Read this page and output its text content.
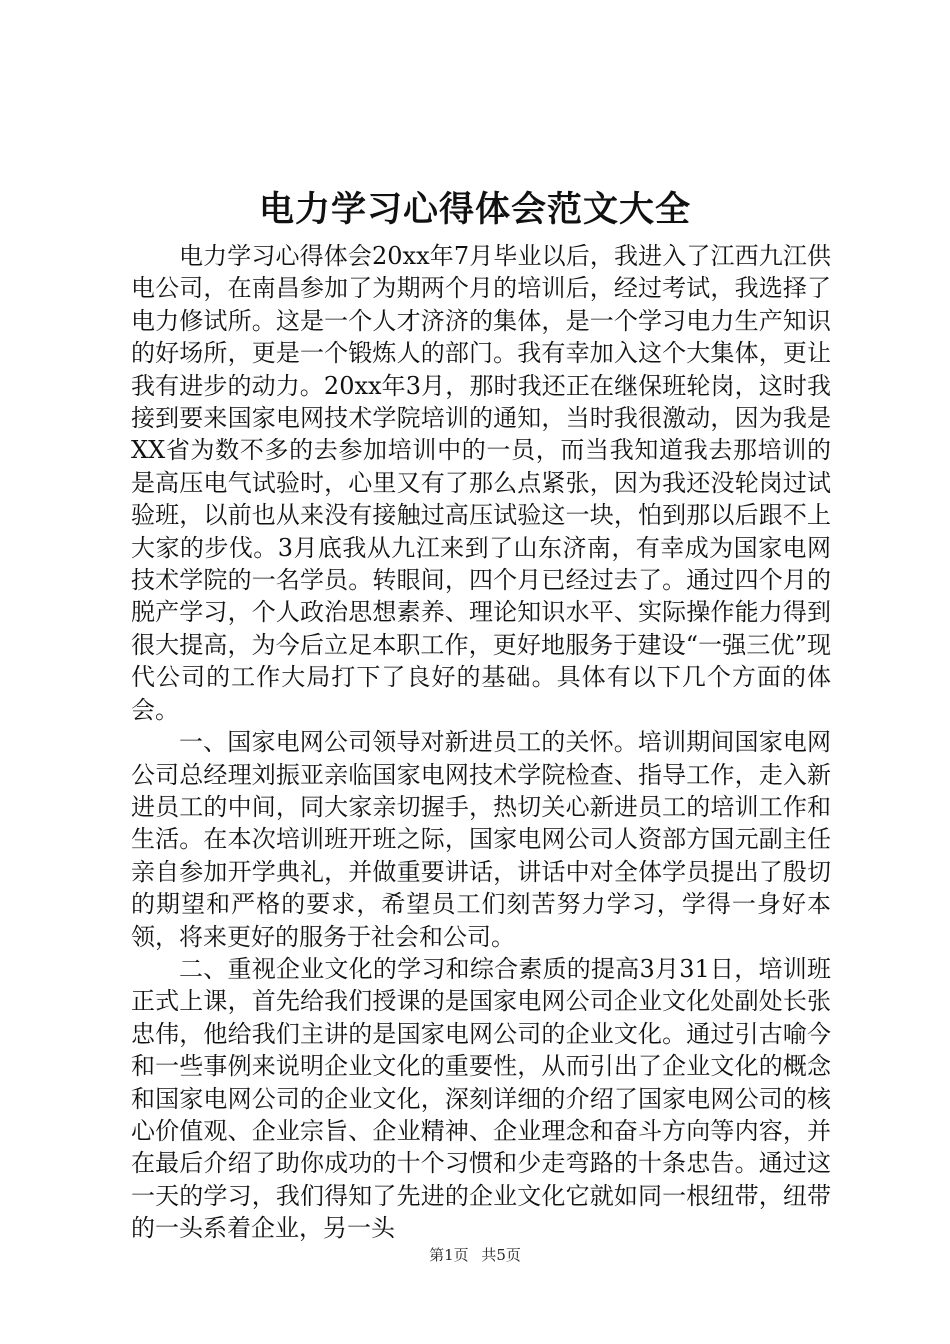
电力学习心得体会范文大全

电力学习心得体会20xx年7月毕业以后，我进入了江西九江供电公司，在南昌参加了为期两个月的培训后，经过考试，我选择了电力修试所。这是一个人才济济的集体，是一个学习电力生产知识的好场所，更是一个锻炼人的部门。我有幸加入这个大集体，更让我有进步的动力。20xx年3月，那时我还正在继保班轮岗，这时我接到要来国家电网技术学院培训的通知，当时我很激动，因为我是XX省为数不多的去参加培训中的一员，而当我知道我去那培训的是高压电气试验时，心里又有了那么点紧张，因为我还没轮岗过试验班，以前也从来没有接触过高压试验这一块，怕到那以后跟不上大家的步伐。3月底我从九江来到了山东济南，有幸成为国家电网技术学院的一名学员。转眼间，四个月已经过去了。通过四个月的脱产学习，个人政治思想素养、理论知识水平、实际操作能力得到很大提高，为今后立足本职工作，更好地服务于建设“一强三优”现代公司的工作大局打下了良好的基础。具体有以下几个方面的体会。

一、国家电网公司领导对新进员工的关怀。培训期间国家电网公司总经理刘振亚亲临国家电网技术学院检查、指导工作，走入新进员工的中间，同大家亲切握手，热切关心新进员工的培训工作和生活。在本次培训班开班之际，国家电网公司人资部方国元副主任亲自参加开学典礼，并做重要讲话，讲话中对全体学员提出了殷切的期望和严格的要求，希望员工们刻苦努力学习，学得一身好本领，将来更好的服务于社会和公司。

二、重视企业文化的学习和综合素质的提高3月31日，培训班正式上课，首先给我们授课的是国家电网公司企业文化处副处长张忠伟，他给我们主讲的是国家电网公司的企业文化。通过引古喻今和一些事例来说明企业文化的重要性，从而引出了企业文化的概念和国家电网公司的企业文化，深刻详细的介绍了国家电网公司的核心价值观、企业宗旨、企业精神、企业理念和奋斗方向等内容，并在最后介绍了助你成功的十个习惯和少走弯路的十条忠告。通过这一天的学习，我们得知了先进的企业文化它就如同一根纽带，纽带的一头系着企业，另一头

第1页 共5页
